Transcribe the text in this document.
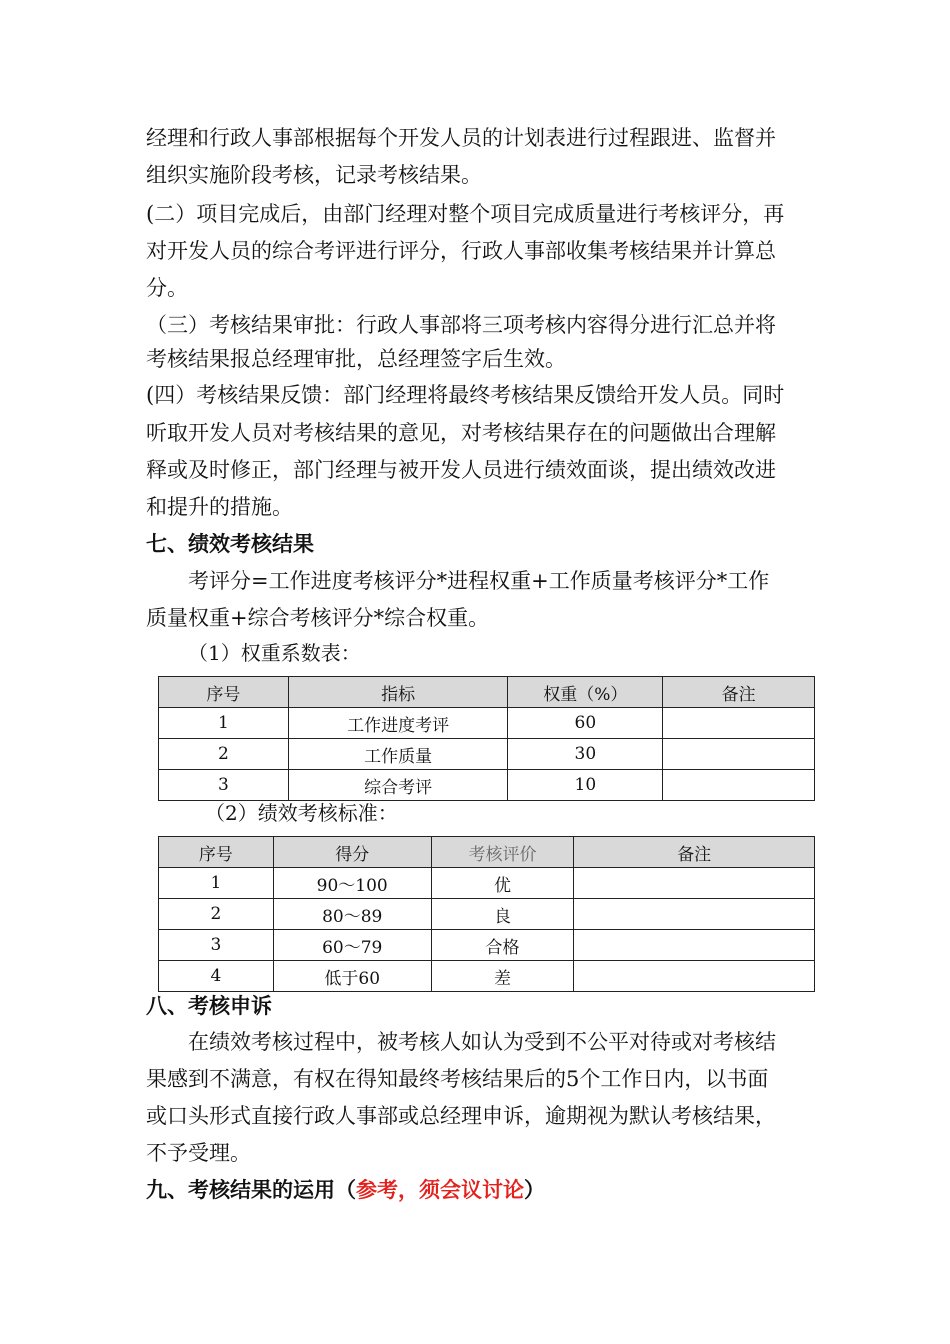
经理和行政人事部根据每个开发人员的计划表进行过程跟进、监督并

组织实施阶段考核，记录考核结果。

(二）项目完成后，由部门经理对整个项目完成质量进行考核评分，再

对开发人员的综合考评进行评分，行政人事部收集考核结果并计算总

分。

（三）考核结果审批：行政人事部将三项考核内容得分进行汇总并将

考核结果报总经理审批，总经理签字后生效。

(四）考核结果反馈：部门经理将最终考核结果反馈给开发人员。同时

听取开发人员对考核结果的意见，对考核结果存在的问题做出合理解

释或及时修正，部门经理与被开发人员进行绩效面谈，提出绩效改进

和提升的措施。

七、绩效考核结果

考评分=工作进度考核评分*进程权重+工作质量考核评分*工作

质量权重+综合考核评分*综合权重。

（1）权重系数表：
序号	指标	权重（%）	备注
1	工作进度考评	60	
2	工作质量	30	
3	综合考评	10	
（2）绩效考核标准：
序号	得分	考核评价	备注
1	90～100	优	
2	80～89	良	
3	60～79	合格	
4	低于60	差	
八、考核申诉

在绩效考核过程中，被考核人如认为受到不公平对待或对考核结

果感到不满意，有权在得知最终考核结果后的5个工作日内，以书面

或口头形式直接行政人事部或总经理申诉，逾期视为默认考核结果，

不予受理。

九、考核结果的运用（参考，须会议讨论）
